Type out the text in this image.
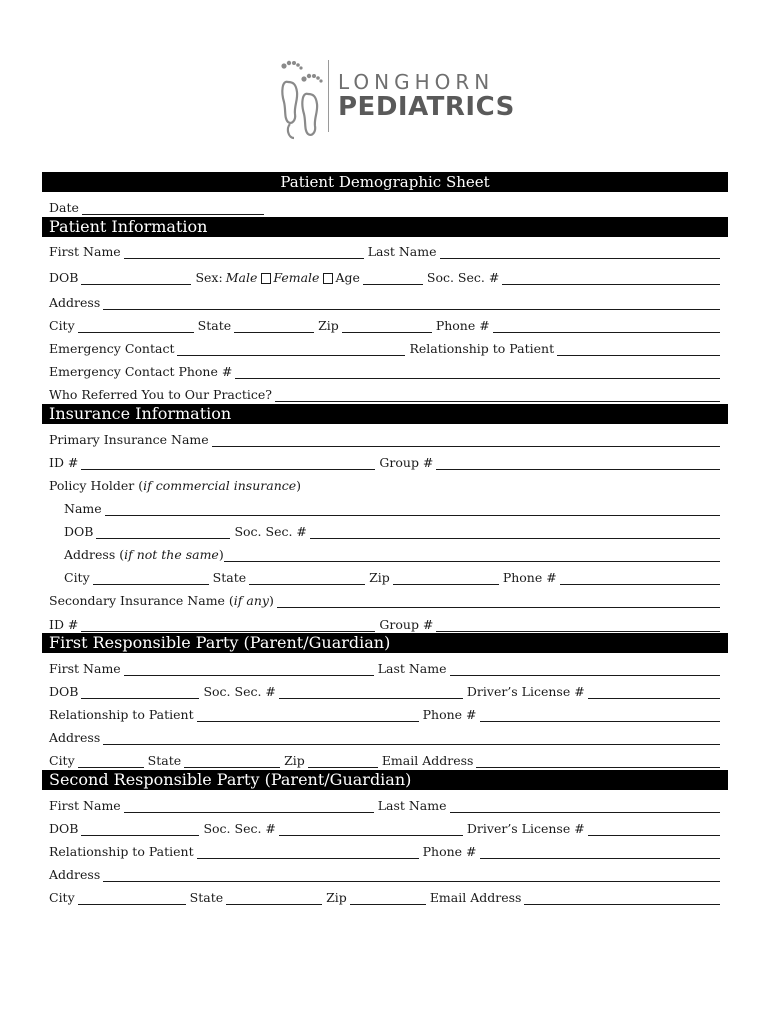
LONGHORN
PEDIATRICS
Patient Demographic Sheet
Date
Patient Information
First Name	Last Name
DOB	Sex: Male Female Age	Soc. Sec. #
Address
City	State	Zip	Phone #
Emergency Contact	Relationship to Patient
Emergency Contact Phone #
Who Referred You to Our Practice?
Insurance Information
Primary Insurance Name
ID #	Group #
Policy Holder ( if commercial insurance )
Name
DOB	Soc. Sec. #
Address ( if not the same )
City	State	Zip	Phone #
Secondary Insurance Name ( if any )
ID #	Group #
First Responsible Party (Parent/Guardian)
First Name	Last Name
DOB	Soc. Sec. #	Driver’s License #
Relationship to Patient	Phone #
Address
City	State	Zip	Email Address
Second Responsible Party (Parent/Guardian)
First Name	Last Name
DOB	Soc. Sec. #	Driver’s License #
Relationship to Patient	Phone #
Address
City	State	Zip	Email Address
